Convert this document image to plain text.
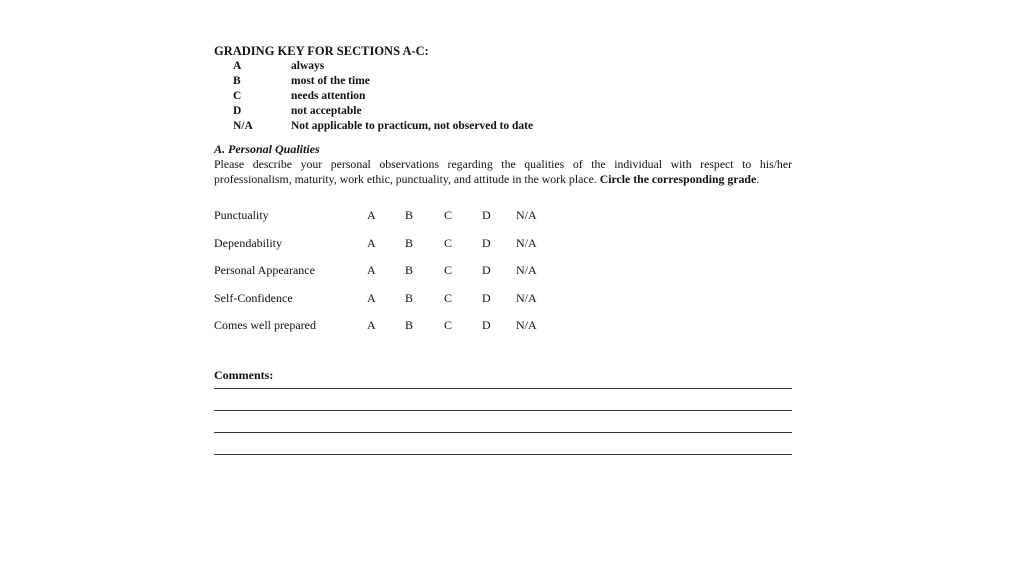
GRADING KEY FOR SECTIONS A-C:
A	always
B	most of the time
C	needs attention
D	not acceptable
N/A	Not applicable to practicum, not observed to date
A. Personal Qualities
Please describe your personal observations regarding the qualities of the individual with respect to his/her professionalism, maturity, work ethic, punctuality, and attitude in the work place. Circle the corresponding grade.
Punctuality	A	B	C	D	N/A
Dependability	A	B	C	D	N/A
Personal Appearance	A	B	C	D	N/A
Self-Confidence	A	B	C	D	N/A
Comes well prepared	A	B	C	D	N/A
Comments:
